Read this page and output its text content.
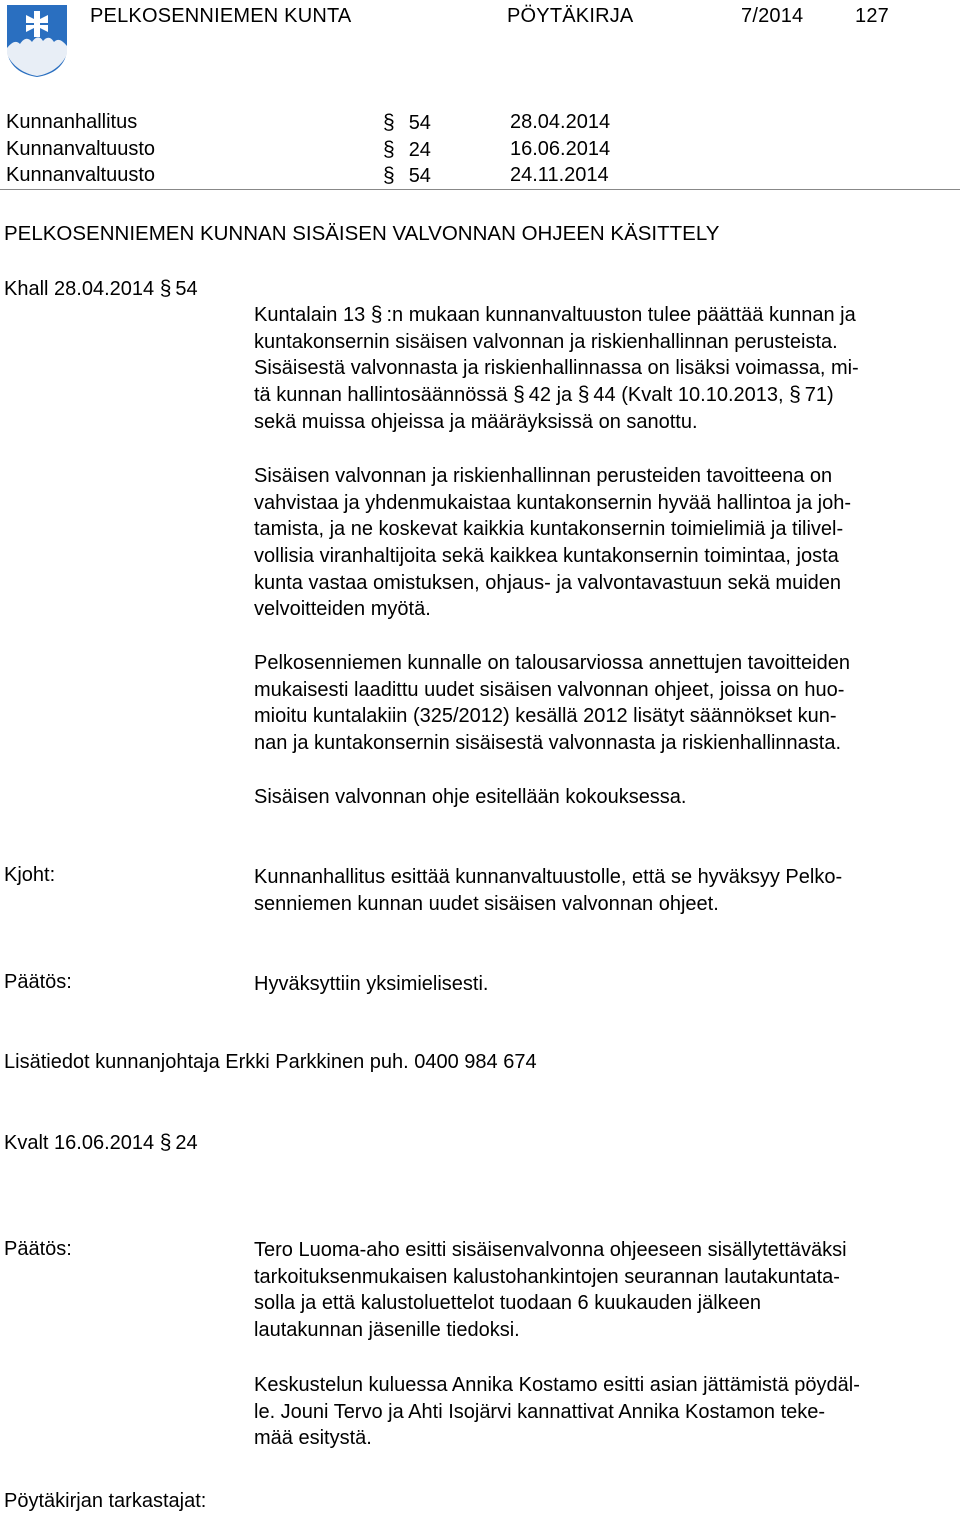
PELKOSENNIEMEN KUNTA	PÖYTÄKIRJA	7/2014	127
Kunnanhallitus	§ 54	28.04.2014
Kunnanvaltuusto	§ 24	16.06.2014
Kunnanvaltuusto	§ 54	24.11.2014
PELKOSENNIEMEN KUNNAN SISÄISEN VALVONNAN OHJEEN KÄSITTELY
Khall 28.04.2014 § 54
Kuntalain 13 § :n mukaan kunnanvaltuuston tulee päättää kunnan ja
kuntakonsernin sisäisen valvonnan ja riskienhallinnan perusteista.
Sisäisestä valvonnasta ja riskienhallinnassa on lisäksi voimassa, mi-
tä kunnan hallintosäännössä § 42 ja § 44 (Kvalt 10.10.2013, § 71)
sekä muissa ohjeissa ja määräyksissä on sanottu.
Sisäisen valvonnan ja riskienhallinnan perusteiden tavoitteena on
vahvistaa ja yhdenmukaistaa kuntakonsernin hyvää hallintoa ja joh-
tamista, ja ne koskevat kaikkia kuntakonsernin toimielimiä ja tilivel-
vollisia viranhaltijoita sekä kaikkea kuntakonsernin toimintaa, josta
kunta vastaa omistuksen, ohjaus- ja valvontavastuun sekä muiden
velvoitteiden myötä.
Pelkosenniemen kunnalle on talousarviossa annettujen tavoitteiden
mukaisesti laadittu uudet sisäisen valvonnan ohjeet, joissa on huo-
mioitu kuntalakiin (325/2012) kesällä 2012 lisätyt säännökset kun-
nan ja kuntakonsernin sisäisestä valvonnasta ja riskienhallinnasta.
Sisäisen valvonnan ohje esitellään kokouksessa.
Kjoht:	Kunnanhallitus esittää kunnanvaltuustolle, että se hyväksyy Pelko-
senniemen kunnan uudet sisäisen valvonnan ohjeet.
Päätös:	Hyväksyttiin yksimielisesti.
Lisätiedot kunnanjohtaja Erkki Parkkinen puh. 0400 984 674
Kvalt 16.06.2014 § 24
Päätös:	Tero Luoma-aho esitti sisäisenvalvonna ohjeeseen sisällytettäväksi
tarkoituksenmukaisen kalustohankintojen seurannan lautakuntata-
solla ja että kalustoluettelot tuodaan 6 kuukauden jälkeen
lautakunnan jäsenille tiedoksi.
Keskustelun kuluessa Annika Kostamo esitti asian jättämistä pöydäl-
le. Jouni Tervo ja Ahti Isojärvi kannattivat Annika Kostamon teke-
mää esitystä.
Pöytäkirjan tarkastajat:
